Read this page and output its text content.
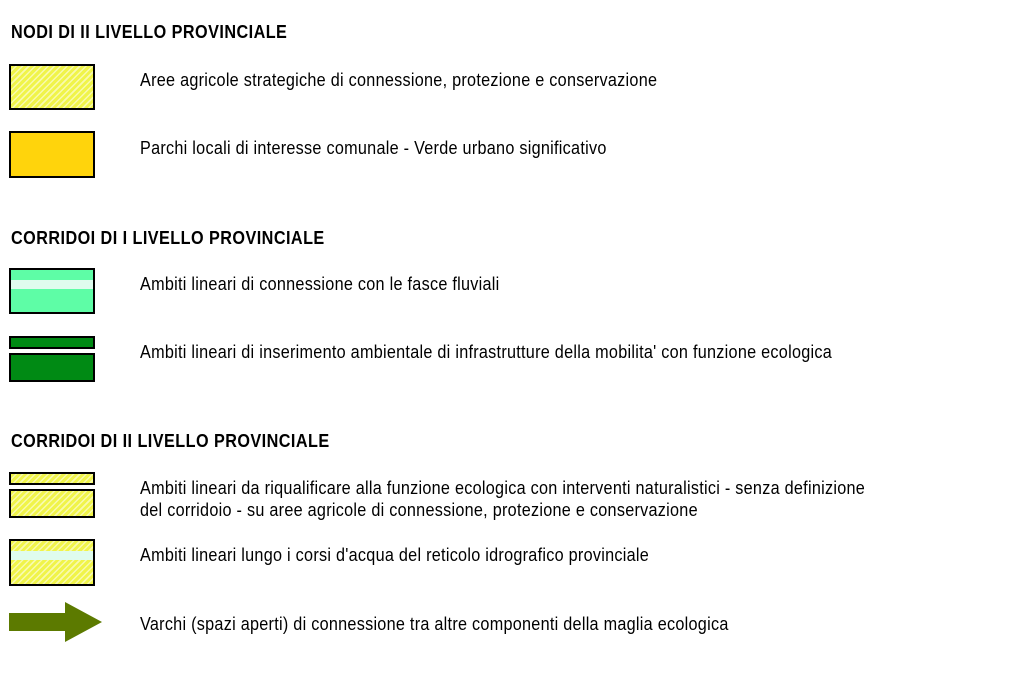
NODI DI II LIVELLO PROVINCIALE
Aree agricole strategiche di connessione, protezione e conservazione
Parchi locali di interesse comunale - Verde urbano significativo
CORRIDOI DI I LIVELLO PROVINCIALE
Ambiti lineari di connessione con le fasce fluviali
Ambiti lineari di inserimento ambientale di infrastrutture della mobilita' con funzione ecologica
CORRIDOI DI II LIVELLO PROVINCIALE
Ambiti lineari da riqualificare alla funzione ecologica con interventi naturalistici - senza definizione
del corridoio - su aree agricole di connessione, protezione e conservazione
Ambiti lineari lungo i corsi d'acqua del reticolo idrografico provinciale
Varchi (spazi aperti) di connessione tra altre componenti della maglia ecologica
